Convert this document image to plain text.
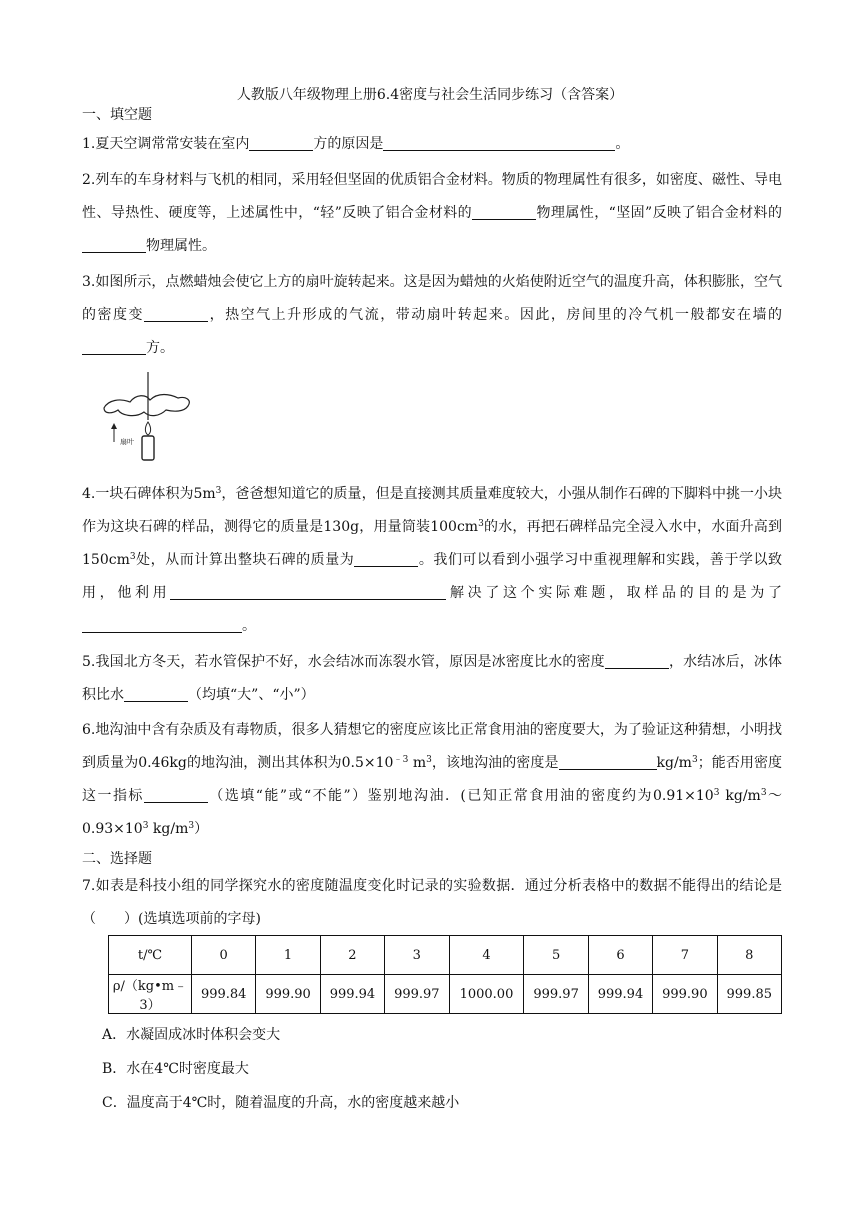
人教版八年级物理上册6.4密度与社会生活同步练习（含答案）
一、填空题
1.夏天空调常常安装在室内	方的原因是	。
2.列车的车身材料与飞机的相同，采用轻但坚固的优质铝合金材料。物质的物理属性有很多，如密度、磁性、导电性、导热性、硬度等，上述属性中，“轻”反映了铝合金材料的	物理属性，“坚固”反映了铝合金材料的物理属性。
3.如图所示，点燃蜡烛会使它上方的扇叶旋转起来。这是因为蜡烛的火焰使附近空气的温度升高，体积膨胀，空气的密度变	，热空气上升形成的气流，带动扇叶转起来。因此，房间里的冷气机一般都安在墙的方。
扇叶
4.一块石碑体积为$5m^3$，爸爸想知道它的质量，但是直接测其质量难度较大，小强从制作石碑的下脚料中挑一小块作为这块石碑的样品，测得它的质量是130g，用量筒装$100cm^3$的水，再把石碑样品完全浸入水中，水面升高到$150cm^3$处，从而计算出整块石碑的质量为	。我们可以看到小强学习中重视理解和实践，善于学以致用，他利用	解决了这个实际难题，取样品的目的是为了。
5.我国北方冬天，若水管保护不好，水会结冰而冻裂水管，原因是冰密度比水的密度	，水结冰后，冰体积比水	（均填“大”、“小”）
6.地沟油中含有杂质及有毒物质，很多人猜想它的密度应该比正常食用油的密度要大，为了验证这种猜想，小明找到质量为0.46kg的地沟油，测出其体积为$0.5\times 10^{﹣3}$ $m^3$，该地沟油的密度是	$kg/m^3$；能否用密度这一指标	（选填“能”或“不能”）鉴别地沟油．(已知正常食用油的密度约为$0.91\times 10^3$ $kg/m^3\sim 0.93\times 10^3$ $kg/m^3$）
二、选择题
7.如表是科技小组的同学探究水的密度随温度变化时记录的实验数据．通过分析表格中的数据不能得出的结论是（　　）(选填选项前的字母)
t/℃	0	1	2	3	4	5	6	7	8
ρ/（kg•m﹣3）	999.84	999.90	999.94	999.97	1000.00	999.97	999.94	999.90	999.85
A．水凝固成冰时体积会变大
B．水在4℃时密度最大
C．温度高于4℃时，随着温度的升高，水的密度越来越小
